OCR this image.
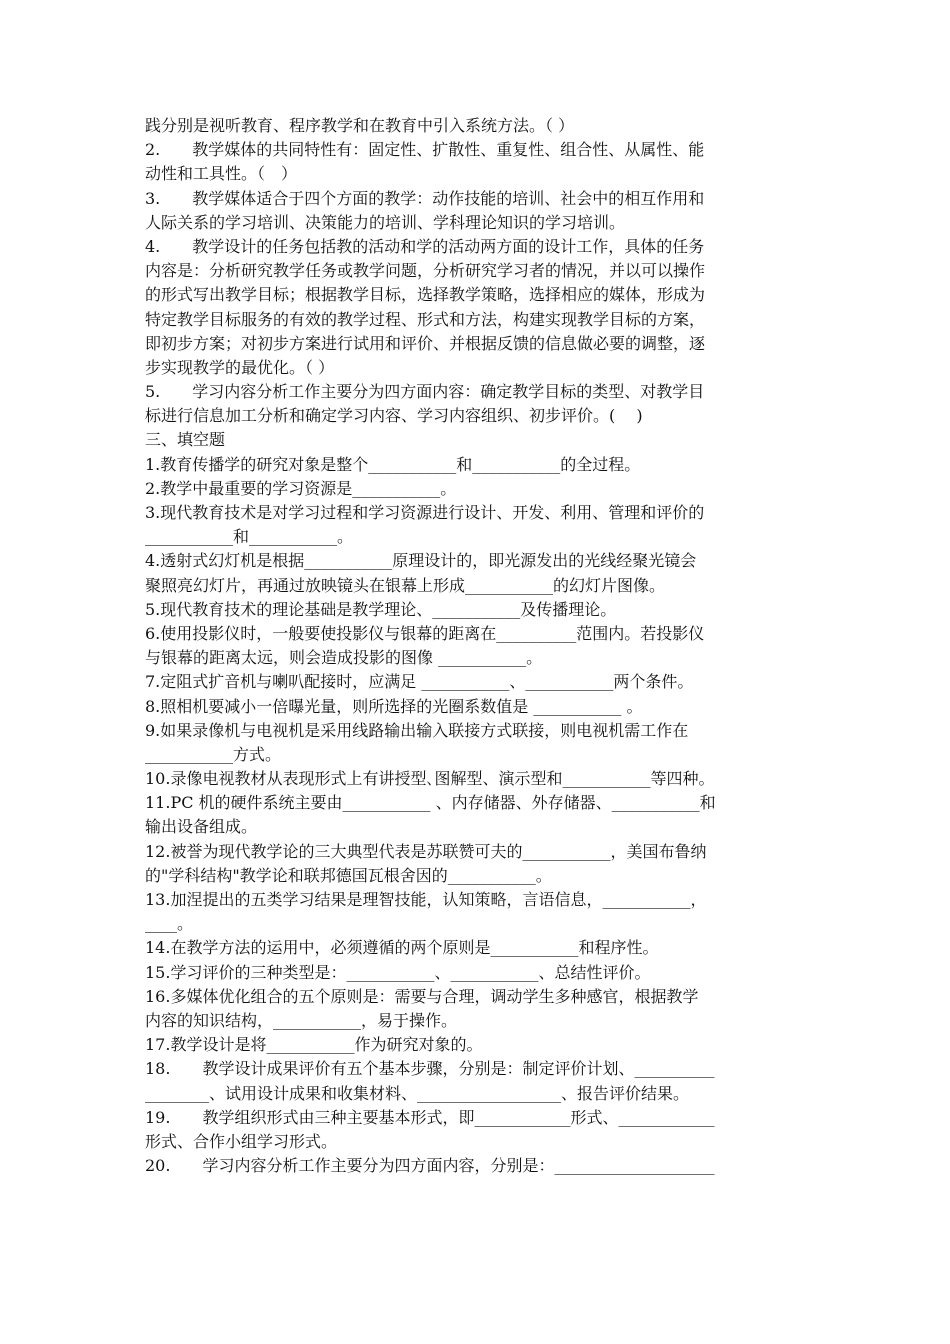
践分别是视听教育、程序教学和在教育中引入系统方法。（ ）
2.　　教学媒体的共同特性有：固定性、扩散性、重复性、组合性、从属性、能
动性和工具性。（　）
3.　　教学媒体适合于四个方面的教学：动作技能的培训、社会中的相互作用和
人际关系的学习培训、决策能力的培训、学科理论知识的学习培训。
4.　　教学设计的任务包括教的活动和学的活动两方面的设计工作，具体的任务
内容是：分析研究教学任务或教学问题，分析研究学习者的情况，并以可以操作
的形式写出教学目标；根据教学目标，选择教学策略，选择相应的媒体，形成为
特定教学目标服务的有效的教学过程、形式和方法，构建实现教学目标的方案，
即初步方案；对初步方案进行试用和评价、并根据反馈的信息做必要的调整，逐
步实现教学的最优化。（ ）
5.　　学习内容分析工作主要分为四方面内容：确定教学目标的类型、对教学目
标进行信息加工分析和确定学习内容、学习内容组织、初步评价。( 　)
三、填空题
1.教育传播学的研究对象是整个___________和___________的全过程。
2.教学中最重要的学习资源是___________。
3.现代教育技术是对学习过程和学习资源进行设计、开发、利用、管理和评价的
___________和___________。
4.透射式幻灯机是根据___________原理设计的，即光源发出的光线经聚光镜会
聚照亮幻灯片，再通过放映镜头在银幕上形成___________的幻灯片图像。
5.现代教育技术的理论基础是教学理论、___________及传播理论。
6.使用投影仪时，一般要使投影仪与银幕的距离在__________范围内。若投影仪
与银幕的距离太远，则会造成投影的图像 ___________。
7.定阻式扩音机与喇叭配接时，应满足 ___________、___________两个条件。
8.照相机要减小一倍曝光量，则所选择的光圈系数值是 ___________ 。
9.如果录像机与电视机是采用线路输出输入联接方式联接，则电视机需工作在
___________方式。
10.录像电视教材从表现形式上有讲授型､图解型、演示型和___________等四种。
11.PC 机的硬件系统主要由___________ 、内存储器、外存储器、___________和
输出设备组成。
12.被誉为现代教学论的三大典型代表是苏联赞可夫的___________，美国布鲁纳
的"学科结构"教学论和联邦德国瓦根舍因的___________。
13.加涅提出的五类学习结果是理智技能，认知策略，言语信息，___________，
____。
14.在教学方法的运用中，必须遵循的两个原则是___________和程序性。
15.学习评价的三种类型是：___________、___________、总结性评价。
16.多媒体优化组合的五个原则是：需要与合理，调动学生多种感官，根据教学
内容的知识结构，___________，易于操作。
17.教学设计是将___________作为研究对象的。
18.　　教学设计成果评价有五个基本步骤，分别是：制定评价计划、__________
________、试用设计成果和收集材料、__________________、报告评价结果。
19.　　教学组织形式由三种主要基本形式，即____________形式、____________
形式、合作小组学习形式。
20.　　学习内容分析工作主要分为四方面内容，分别是：____________________
